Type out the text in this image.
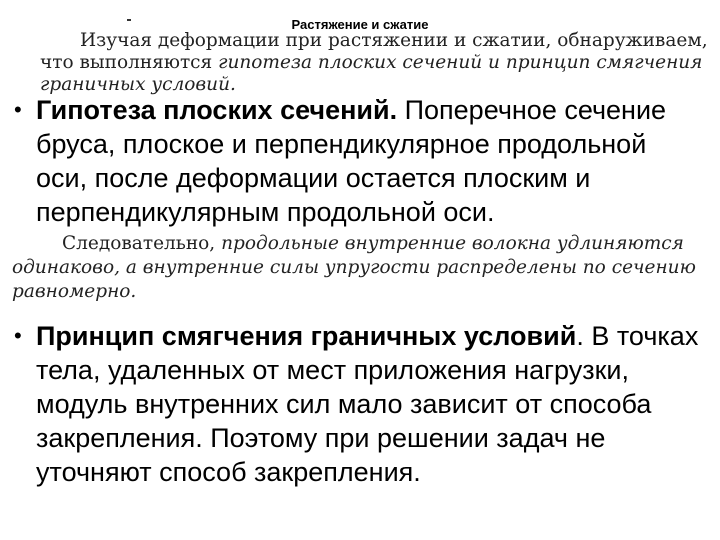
Растяжение и сжатие
Изучая деформации при растяжении и сжатии, обнаруживаем,
что выполняются гипотеза плоских сечений и принцип смягчения
граничных условий.
• Гипотеза плоских сечений. Поперечное сечение бруса, плоское и перпендикулярное продольной оси, после деформации остается плоским и перпендикулярным продольной оси.
Следовательно, продольные внутренние волокна удлиняются
одинаково, а внутренние силы упругости распределены по сечению
равномерно.
• Принцип смягчения граничных условий. В точках тела, удаленных от мест приложения нагрузки, модуль внутренних сил мало зависит от способа закрепления. Поэтому при решении задач не уточняют способ закрепления.
